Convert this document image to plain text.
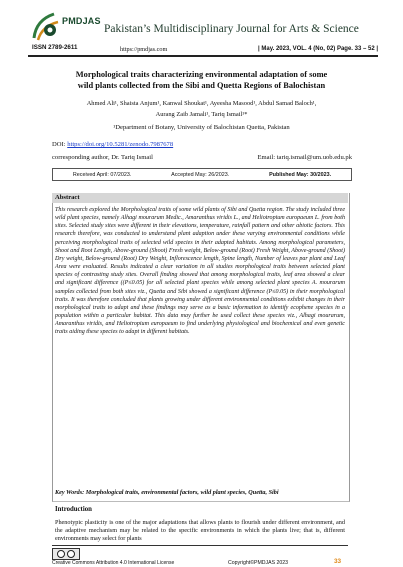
PMDJAS
Pakistan’s Multidisciplinary Journal for Arts & Science
ISSN 2789-2611	https://pmdjas.com	| May. 2023, VOL. 4 (No, 02) Page. 33 – 52 |
Morphological traits characterizing environmental adaptation of some
wild plants collected from the Sibi and Quetta Regions of Balochistan
Ahmed Ali¹, Shaista Anjum¹, Kanwal Shoukat¹, Ayeesha Masood¹, Abdul Samad Baloch¹,
Aurang Zaib Jamali¹, Tariq Ismail¹*
¹Department of Botany, University of Balochistan Quetta, Pakistan
DOI: https://doi.org/10.5281/zenodo.7987678
corresponding author, Dr. Tariq Ismail	Email: tariq.ismail@um.uob.edu.pk
Received April: 07/2023.	Accepted May: 26/2023.	Published May: 30/2023.
Abstract
This research explored the Morphological traits of some wild plants of Sibi and Quetta region. The study included three wild plant species, namely Alhagi mourarum Medic., Amaranthus viridis L., and Heliotropium europaeum L. from both sites. Selected study sites were different in their elevations, temperature, rainfall pattern and other abiotic factors. This research therefore, was conducted to understand plant adaption under these varying environmental conditions while perceiving morphological traits of selected wild species in their adapted habitats. Among morphological parameters, Shoot and Root Length, Above-ground (Shoot) Fresh weight, Below-ground (Root) Fresh Weight, Above-ground (Shoot) Dry weight, Below-ground (Root) Dry Weight, Inflorescence length, Spine length, Number of leaves par plant and Leaf Area were evaluated. Results indicated a clear variation in all studies morphological traits between selected plant species of contrasting study sites. Overall finding showed that among morphological traits, leaf area showed a clear and significant difference ((P≤0.05) for all selected plant species while among selected plant species A. mourarum samples collected from both sites viz., Quetta and Sibi showed a significant difference (P≤0.05) in their morphological traits. It was therefore concluded that plants growing under different environmental conditions exhibit changes in their morphological traits to adapt and these findings may serve as a basic information to identify ecophene species in a population within a particular habitat. This data may further be used collect these species viz., Alhagi mourarum, Amaranthus viridis, and Heliotropium europaeum to find underlying physiological and biochemical and even genetic traits aiding these species to adapt in different habitats.
Key Words: Morphological traits, environmental factors, wild plant species, Quetta, Sibi
Introduction
Phenotypic plasticity is one of the major adaptations that allows plants to flourish under different environment, and the adaptive mechanism may be related to the specific environments in which the plants live; that is, different environments may select for plants
Creative Commons Attribution 4.0 International License	Copyright©PMDJAS 2023	33
